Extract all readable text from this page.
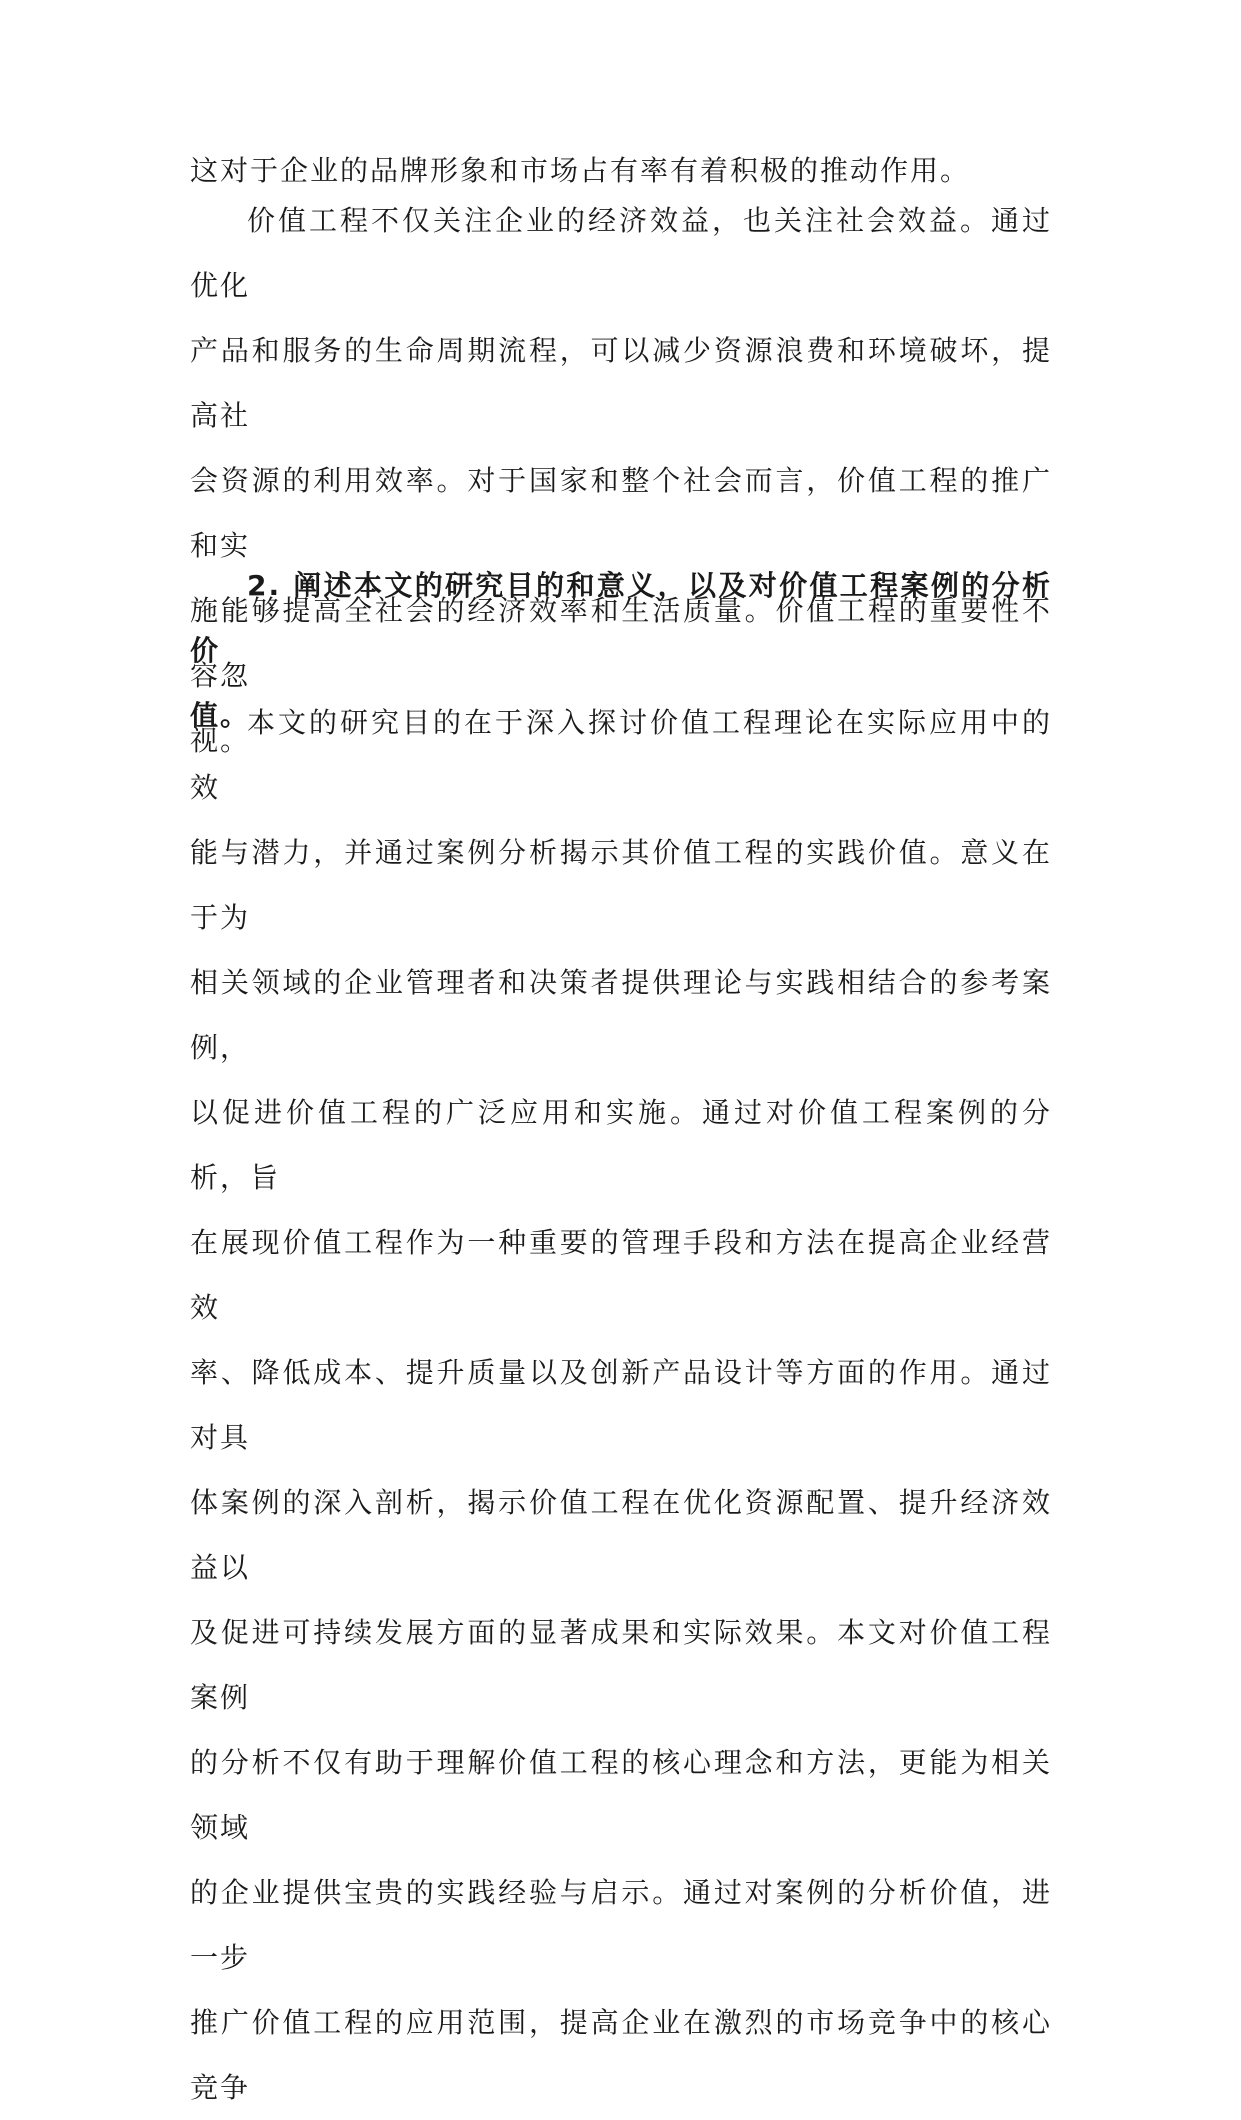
这对于企业的品牌形象和市场占有率有着积极的推动作用。

价值工程不仅关注企业的经济效益，也关注社会效益。通过优化
产品和服务的生命周期流程，可以减少资源浪费和环境破坏，提高社
会资源的利用效率。对于国家和整个社会而言，价值工程的推广和实
施能够提高全社会的经济效率和生活质量。价值工程的重要性不容忽
视。

2. 阐述本文的研究目的和意义，以及对价值工程案例的分析价
值。

本文的研究目的在于深入探讨价值工程理论在实际应用中的效
能与潜力，并通过案例分析揭示其价值工程的实践价值。意义在于为
相关领域的企业管理者和决策者提供理论与实践相结合的参考案例，
以促进价值工程的广泛应用和实施。通过对价值工程案例的分析，旨
在展现价值工程作为一种重要的管理手段和方法在提高企业经营效
率、降低成本、提升质量以及创新产品设计等方面的作用。通过对具
体案例的深入剖析，揭示价值工程在优化资源配置、提升经济效益以
及促进可持续发展方面的显著成果和实际效果。本文对价值工程案例
的分析不仅有助于理解价值工程的核心理念和方法，更能为相关领域
的企业提供宝贵的实践经验与启示。通过对案例的分析价值，进一步
推广价值工程的应用范围，提高企业在激烈的市场竞争中的核心竞争
